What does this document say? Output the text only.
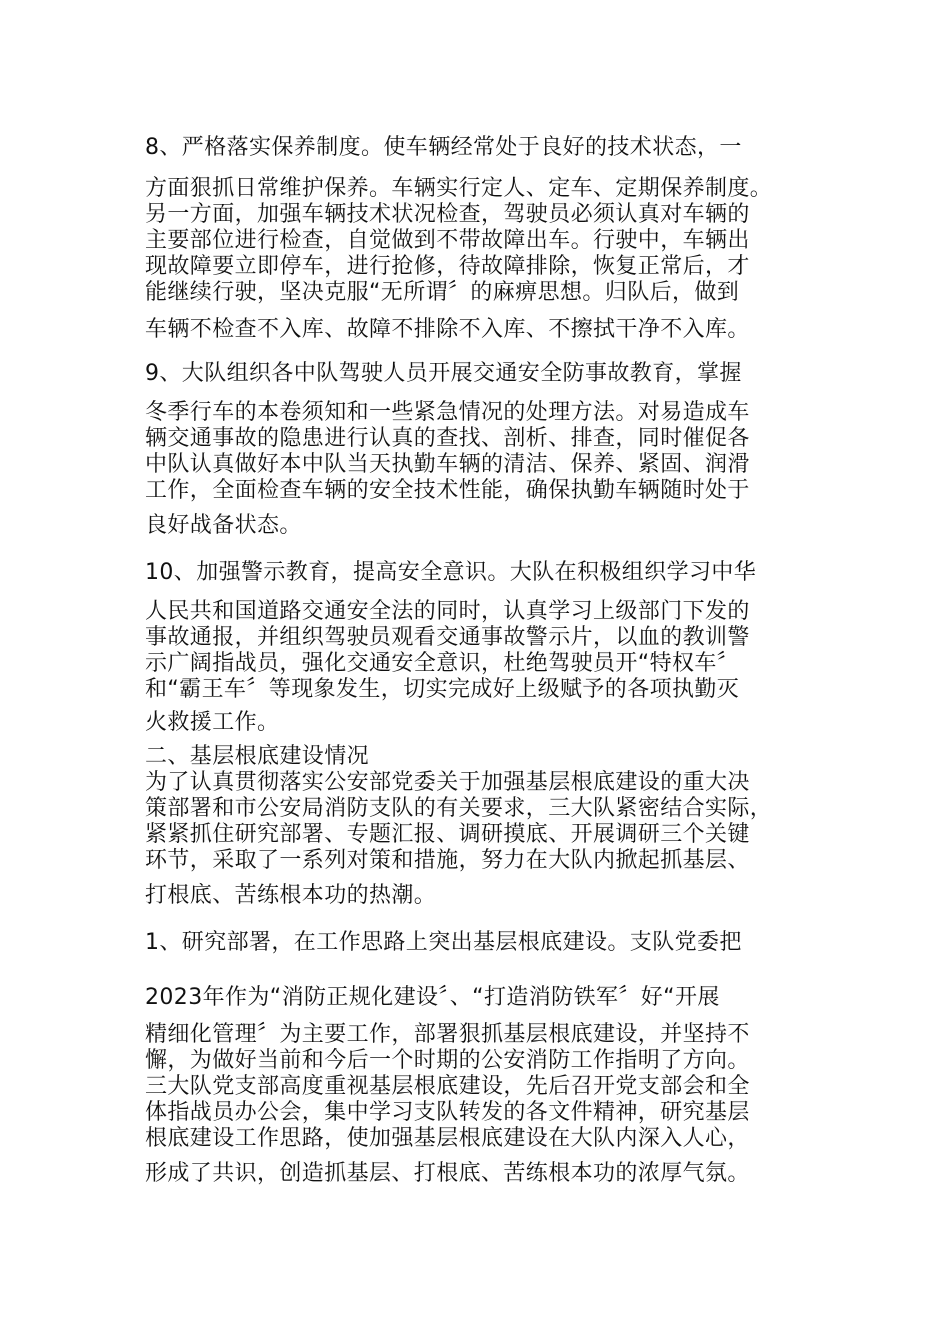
8、严格落实保养制度。使车辆经常处于良好的技术状态，一
方面狠抓日常维护保养。车辆实行定人、定车、定期保养制度。
另一方面，加强车辆技术状况检查，驾驶员必须认真对车辆的
主要部位进行检查，自觉做到不带故障出车。行驶中，车辆出
现故障要立即停车，进行抢修，待故障排除，恢复正常后，才
能继续行驶，坚决克服“无所谓〞的麻痹思想。归队后，做到
车辆不检查不入库、故障不排除不入库、不擦拭干净不入库。
9、大队组织各中队驾驶人员开展交通安全防事故教育，掌握
冬季行车的本卷须知和一些紧急情况的处理方法。对易造成车
辆交通事故的隐患进行认真的查找、剖析、排查，同时催促各
中队认真做好本中队当天执勤车辆的清洁、保养、紧固、润滑
工作，全面检查车辆的安全技术性能，确保执勤车辆随时处于
良好战备状态。
10、加强警示教育，提高安全意识。大队在积极组织学习中华
人民共和国道路交通安全法的同时，认真学习上级部门下发的
事故通报，并组织驾驶员观看交通事故警示片，以血的教训警
示广阔指战员，强化交通安全意识，杜绝驾驶员开“特权车〞
和“霸王车〞等现象发生，切实完成好上级赋予的各项执勤灭
火救援工作。
二、基层根底建设情况
为了认真贯彻落实公安部党委关于加强基层根底建设的重大决
策部署和市公安局消防支队的有关要求，三大队紧密结合实际，
紧紧抓住研究部署、专题汇报、调研摸底、开展调研三个关键
环节，采取了一系列对策和措施，努力在大队内掀起抓基层、
打根底、苦练根本功的热潮。
1、研究部署，在工作思路上突出基层根底建设。支队党委把
2023年作为“消防正规化建设〞、“打造消防铁军〞好“开展
精细化管理〞为主要工作，部署狠抓基层根底建设，并坚持不
懈，为做好当前和今后一个时期的公安消防工作指明了方向。
三大队党支部高度重视基层根底建设，先后召开党支部会和全
体指战员办公会，集中学习支队转发的各文件精神，研究基层
根底建设工作思路，使加强基层根底建设在大队内深入人心，
形成了共识，创造抓基层、打根底、苦练根本功的浓厚气氛。
